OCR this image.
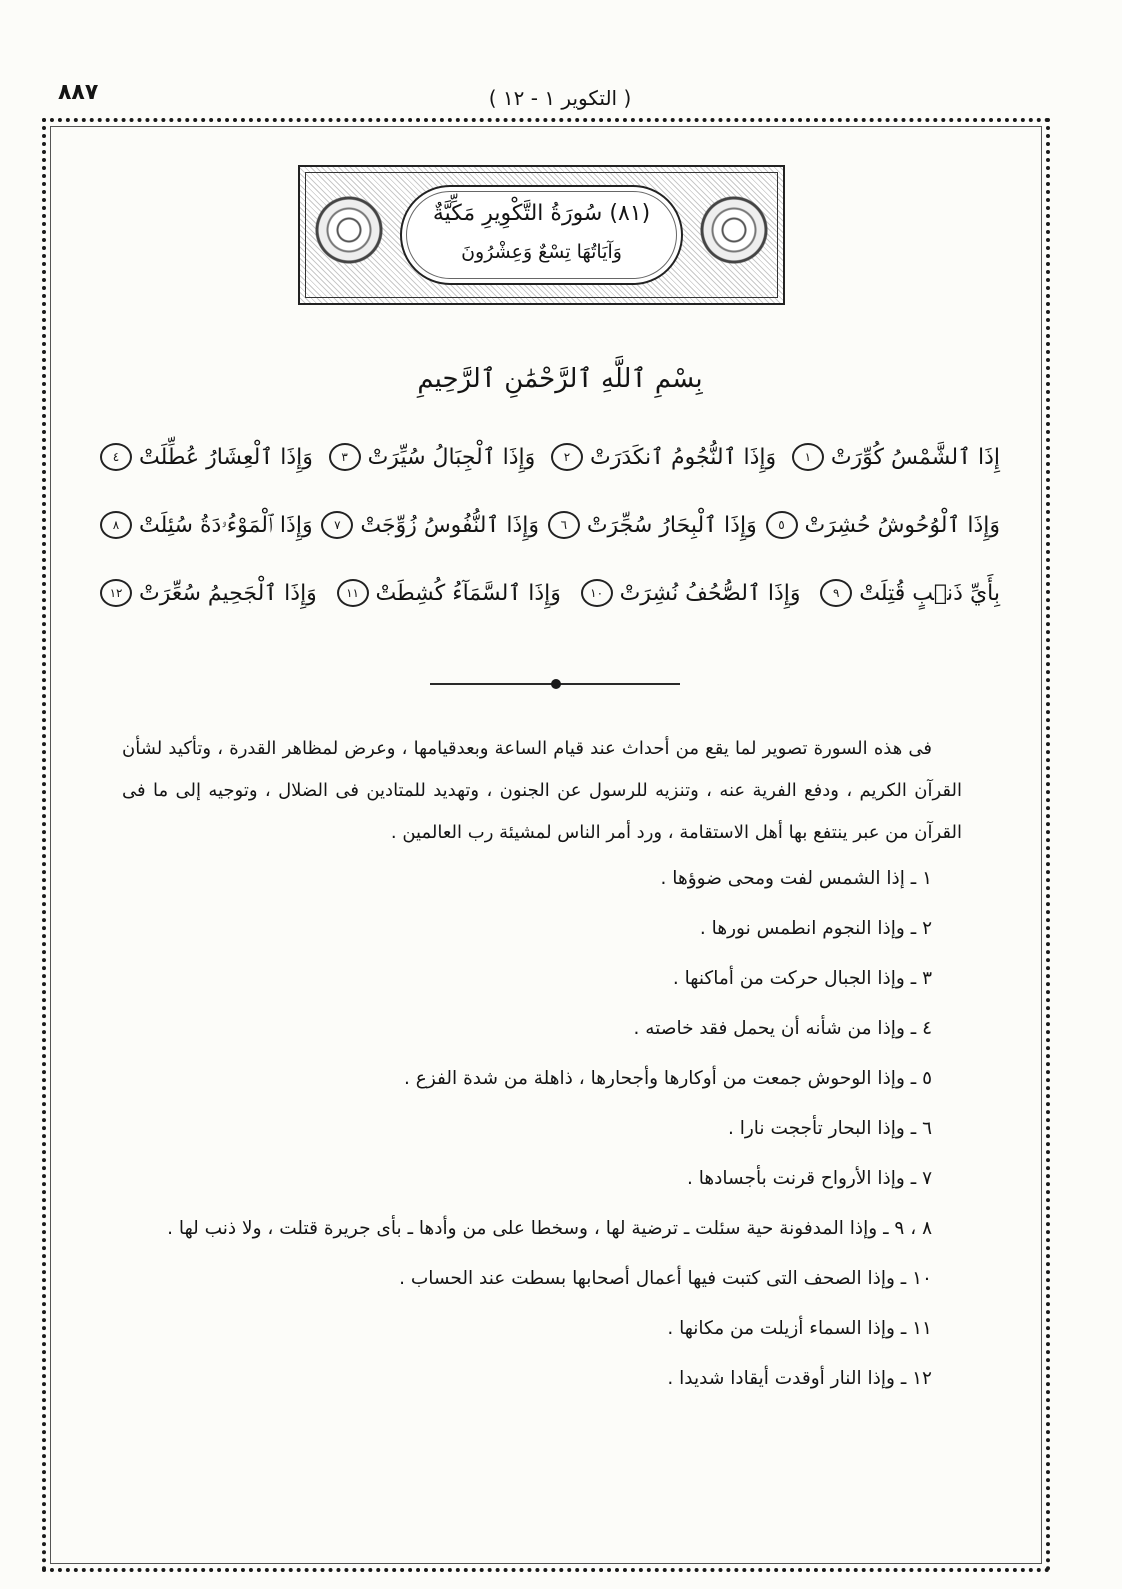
٨٨٧	( التكوير ١ - ١٢ )
(٨١) سُورَةُ التَّكْوِيرِ مَكِّيَّةٌ
وَآيَاتُهَا تِسْعٌ وَعِشْرُونَ
بِسْمِ ٱللَّهِ ٱلرَّحْمَٰنِ ٱلرَّحِيمِ
إِذَا ٱلشَّمْسُ كُوِّرَتْ
١
وَإِذَا ٱلنُّجُومُ ٱنكَدَرَتْ
٢
وَإِذَا ٱلْجِبَالُ سُيِّرَتْ
٣
وَإِذَا ٱلْعِشَارُ عُطِّلَتْ
٤
وَإِذَا ٱلْوُحُوشُ حُشِرَتْ
٥
وَإِذَا ٱلْبِحَارُ سُجِّرَتْ
٦
وَإِذَا ٱلنُّفُوسُ زُوِّجَتْ
٧
وَإِذَا ٱلْمَوْءُۥدَةُ سُئِلَتْ
٨
بِأَيِّ ذَنۢبٍ قُتِلَتْ
٩
وَإِذَا ٱلصُّحُفُ نُشِرَتْ
١٠
وَإِذَا ٱلسَّمَآءُ كُشِطَتْ
١١
وَإِذَا ٱلْجَحِيمُ سُعِّرَتْ
١٢

فى هذه السورة تصوير لما يقع من أحداث عند قيام الساعة وبعدقيامها ، وعرض لمظاهر القدرة ، وتأكيد لشأن القرآن الكريم ، ودفع الفرية عنه ، وتنزيه للرسول عن الجنون ، وتهديد للمتادين فى الضلال ، وتوجيه إلى ما فى القرآن من عبر ينتفع بها أهل الاستقامة ، ورد أمر الناس لمشيئة رب العالمين .

١ ـ إذا الشمس لفت ومحى ضوؤها .

٢ ـ وإذا النجوم انطمس نورها .

٣ ـ وإذا الجبال حركت من أماكنها .

٤ ـ وإذا من شأنه أن يحمل فقد خاصته .

٥ ـ وإذا الوحوش جمعت من أوكارها وأجحارها ، ذاهلة من شدة الفزع .

٦ ـ وإذا البحار تأججت نارا .

٧ ـ وإذا الأرواح قرنت بأجسادها .

٨ ، ٩ ـ وإذا المدفونة حية سئلت ـ ترضية لها ، وسخطا على من وأدها ـ بأى جريرة قتلت ، ولا ذنب لها .

١٠ ـ وإذا الصحف التى كتبت فيها أعمال أصحابها بسطت عند الحساب .

١١ ـ وإذا السماء أزيلت من مكانها .

١٢ ـ وإذا النار أوقدت أيقادا شديدا .
